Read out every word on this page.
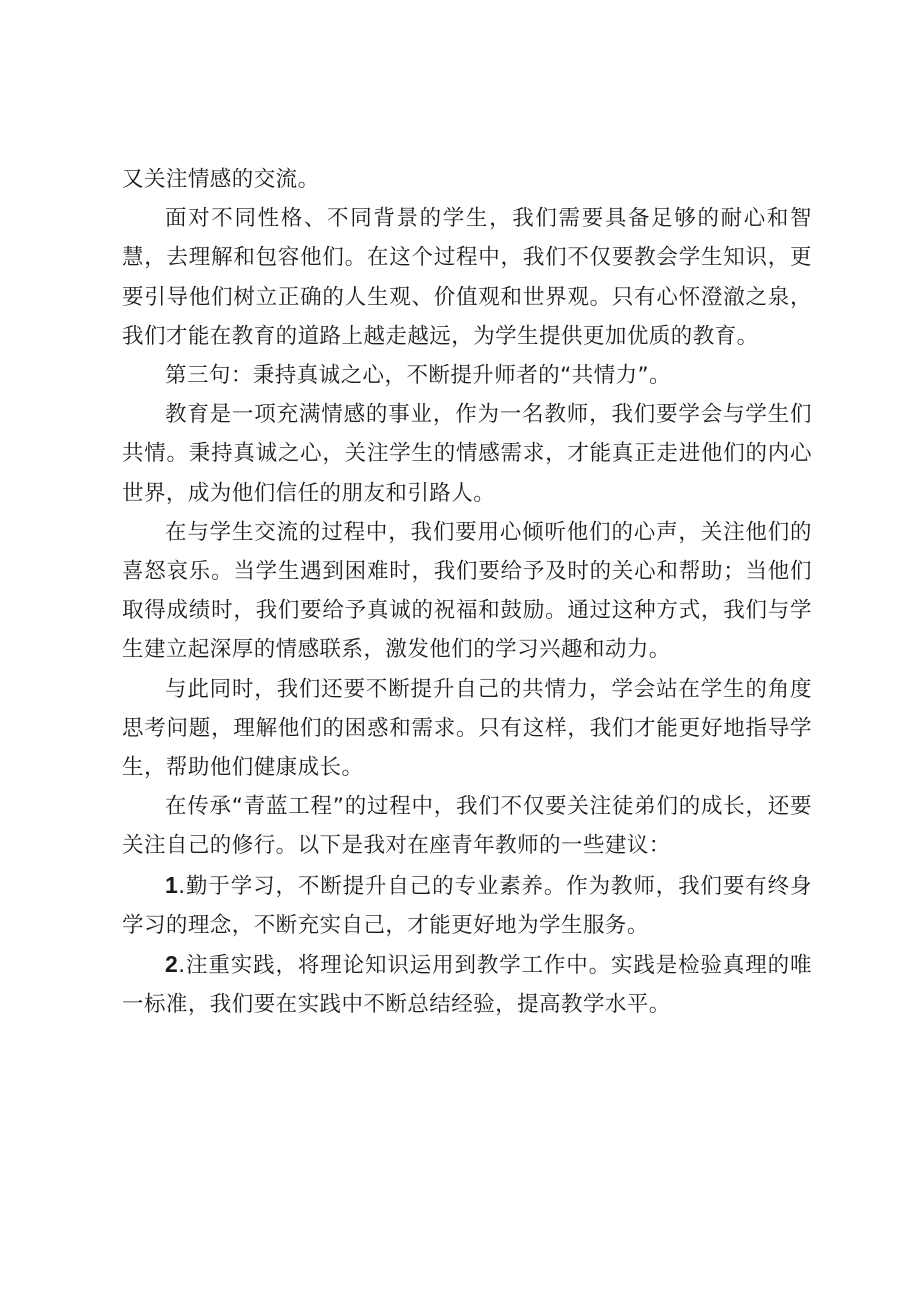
又关注情感的交流。

面对不同性格、不同背景的学生，我们需要具备足够的耐心和智慧，去理解和包容他们。在这个过程中，我们不仅要教会学生知识，更要引导他们树立正确的人生观、价值观和世界观。只有心怀澄澈之泉，我们才能在教育的道路上越走越远，为学生提供更加优质的教育。

第三句：秉持真诚之心，不断提升师者的“共情力”。

教育是一项充满情感的事业，作为一名教师，我们要学会与学生们共情。秉持真诚之心，关注学生的情感需求，才能真正走进他们的内心世界，成为他们信任的朋友和引路人。

在与学生交流的过程中，我们要用心倾听他们的心声，关注他们的喜怒哀乐。当学生遇到困难时，我们要给予及时的关心和帮助；当他们取得成绩时，我们要给予真诚的祝福和鼓励。通过这种方式，我们与学生建立起深厚的情感联系，激发他们的学习兴趣和动力。

与此同时，我们还要不断提升自己的共情力，学会站在学生的角度思考问题，理解他们的困惑和需求。只有这样，我们才能更好地指导学生，帮助他们健康成长。

在传承“青蓝工程”的过程中，我们不仅要关注徒弟们的成长，还要关注自己的修行。以下是我对在座青年教师的一些建议：

1.勤于学习，不断提升自己的专业素养。作为教师，我们要有终身学习的理念，不断充实自己，才能更好地为学生服务。

2.注重实践，将理论知识运用到教学工作中。实践是检验真理的唯一标准，我们要在实践中不断总结经验，提高教学水平。
